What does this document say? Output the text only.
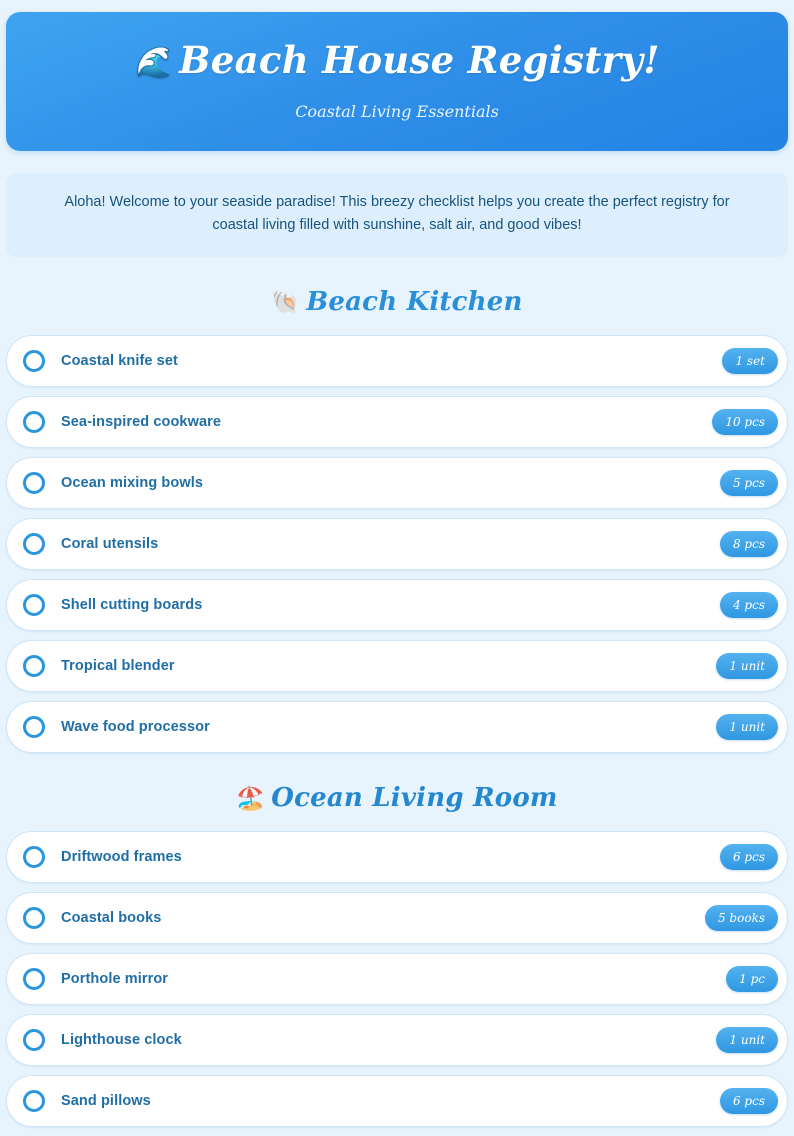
🌊 Beach House Registry!
Coastal Living Essentials
Aloha! Welcome to your seaside paradise! This breezy checklist helps you create the perfect registry for coastal living filled with sunshine, salt air, and good vibes!
🐚 Beach Kitchen
Coastal knife set	1 set
Sea-inspired cookware	10 pcs
Ocean mixing bowls	5 pcs
Coral utensils	8 pcs
Shell cutting boards	4 pcs
Tropical blender	1 unit
Wave food processor	1 unit
🏖️ Ocean Living Room
Driftwood frames	6 pcs
Coastal books	5 books
Porthole mirror	1 pc
Lighthouse clock	1 unit
Sand pillows	6 pcs
